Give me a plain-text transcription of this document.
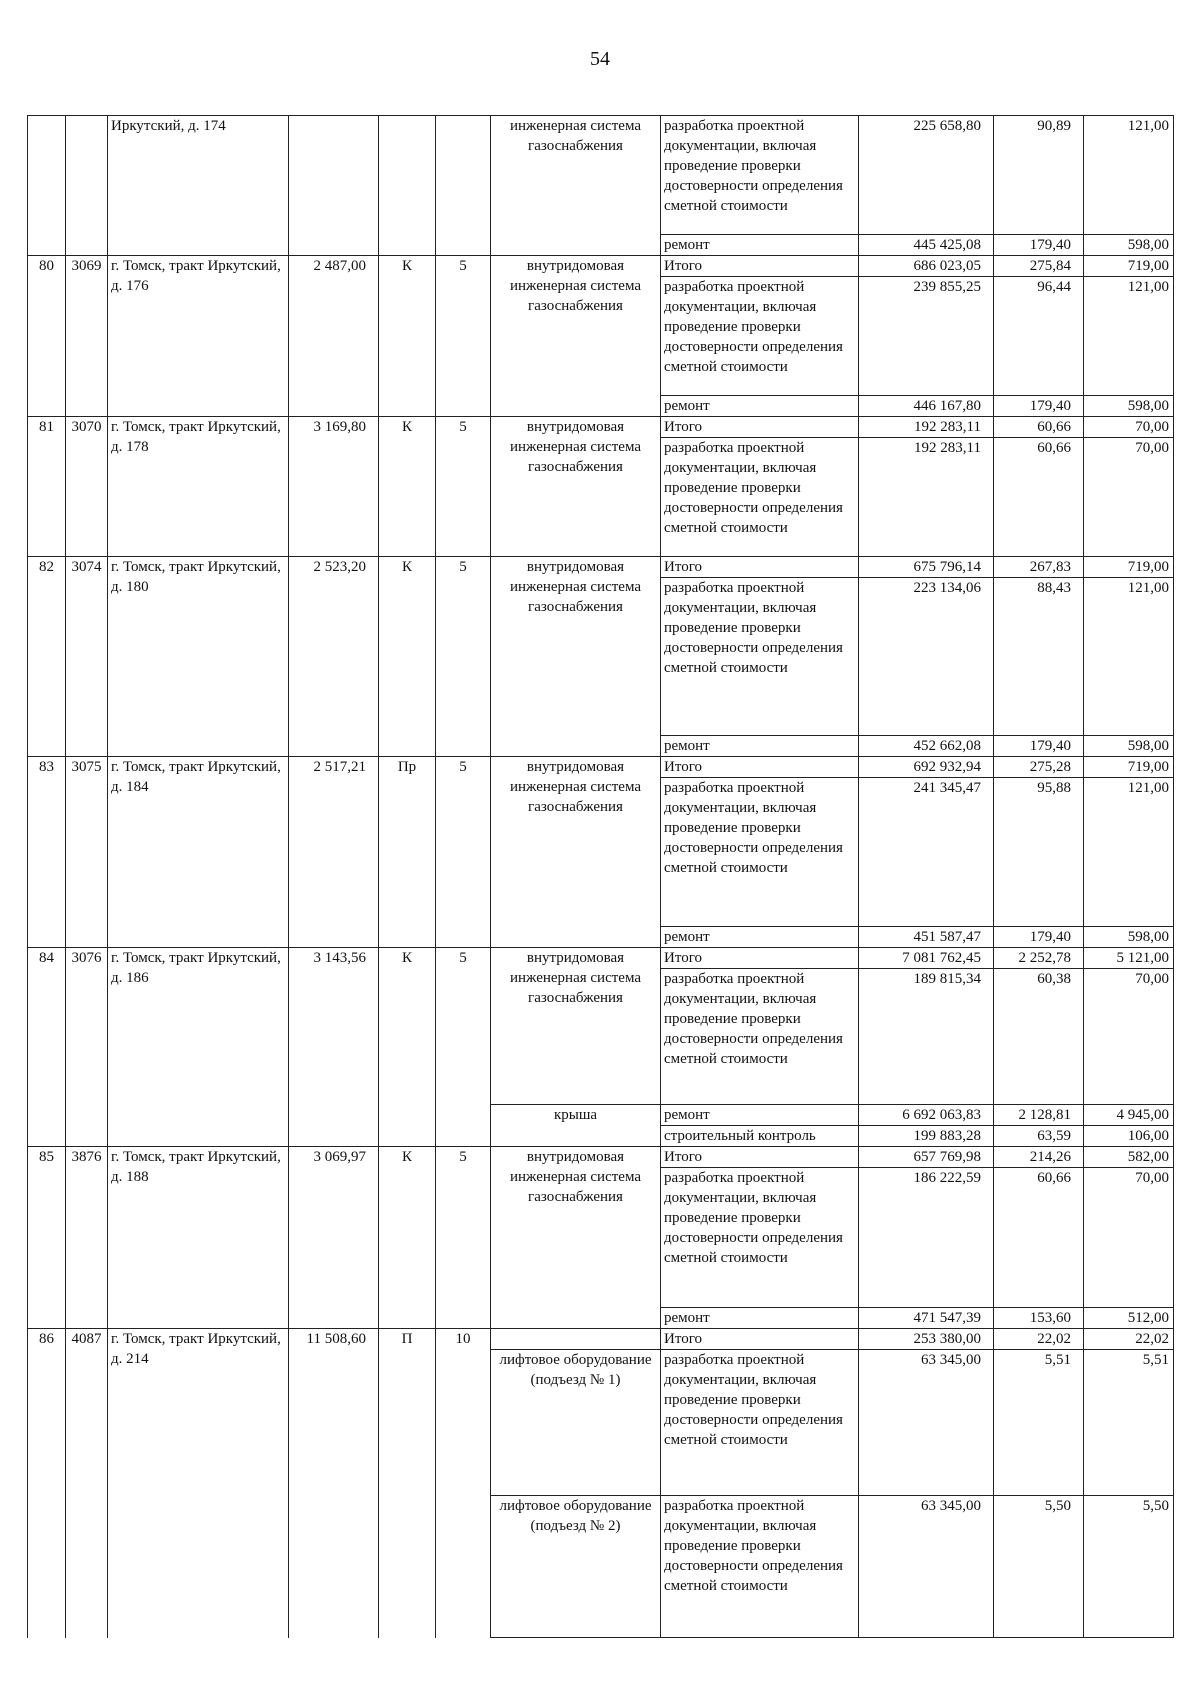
54
		Иркутский, д. 174				инженерная система газоснабжения	разработка проектной документации, включая проведение проверки достоверности определения сметной стоимости	225 658,80	90,89	121,00
							ремонт	445 425,08	179,40	598,00
80	3069	г. Томск, тракт Иркутский, д. 176	2 487,00	К	5	внутридомовая инженерная система газоснабжения	Итого	686 023,05	275,84	719,00
							разработка проектной документации, включая проведение проверки достоверности определения сметной стоимости	239 855,25	96,44	121,00
							ремонт	446 167,80	179,40	598,00
81	3070	г. Томск, тракт Иркутский, д. 178	3 169,80	К	5	внутридомовая инженерная система газоснабжения	Итого	192 283,11	60,66	70,00
							разработка проектной документации, включая проведение проверки достоверности определения сметной стоимости	192 283,11	60,66	70,00
82	3074	г. Томск, тракт Иркутский, д. 180	2 523,20	К	5	внутридомовая инженерная система газоснабжения	Итого	675 796,14	267,83	719,00
							разработка проектной документации, включая проведение проверки достоверности определения сметной стоимости	223 134,06	88,43	121,00
							ремонт	452 662,08	179,40	598,00
83	3075	г. Томск, тракт Иркутский, д. 184	2 517,21	Пр	5	внутридомовая инженерная система газоснабжения	Итого	692 932,94	275,28	719,00
							разработка проектной документации, включая проведение проверки достоверности определения сметной стоимости	241 345,47	95,88	121,00
							ремонт	451 587,47	179,40	598,00
84	3076	г. Томск, тракт Иркутский, д. 186	3 143,56	К	5	внутридомовая инженерная система газоснабжения	Итого	7 081 762,45	2 252,78	5 121,00
							разработка проектной документации, включая проведение проверки достоверности определения сметной стоимости	189 815,34	60,38	70,00
						крыша	ремонт	6 692 063,83	2 128,81	4 945,00
							строительный контроль	199 883,28	63,59	106,00
85	3876	г. Томск, тракт Иркутский, д. 188	3 069,97	К	5	внутридомовая инженерная система газоснабжения	Итого	657 769,98	214,26	582,00
							разработка проектной документации, включая проведение проверки достоверности определения сметной стоимости	186 222,59	60,66	70,00
							ремонт	471 547,39	153,60	512,00
86	4087	г. Томск, тракт Иркутский, д. 214	11 508,60	П	10		Итого	253 380,00	22,02	22,02
						лифтовое оборудование (подъезд № 1)	разработка проектной документации, включая проведение проверки достоверности определения сметной стоимости	63 345,00	5,51	5,51
						лифтовое оборудование (подъезд № 2)	разработка проектной документации, включая проведение проверки достоверности определения сметной стоимости	63 345,00	5,50	5,50
